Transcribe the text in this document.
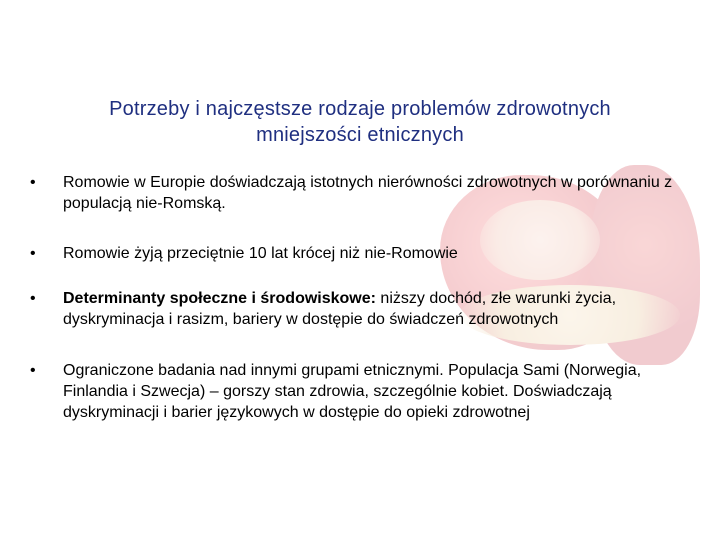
Potrzeby i najczęstsze rodzaje problemów zdrowotnych
mniejszości etnicznych
• Romowie w Europie doświadczają istotnych nierówności zdrowotnych w porównaniu z populacją nie-Romską.
• Romowie żyją przeciętnie 10 lat krócej niż nie-Romowie
• Determinanty społeczne i środowiskowe: niższy dochód, złe warunki życia, dyskryminacja i rasizm, bariery w dostępie do świadczeń zdrowotnych
• Ograniczone badania nad innymi grupami etnicznymi. Populacja Sami (Norwegia, Finlandia i Szwecja) – gorszy stan zdrowia, szczególnie kobiet. Doświadczają dyskryminacji i barier językowych w dostępie do opieki zdrowotnej
